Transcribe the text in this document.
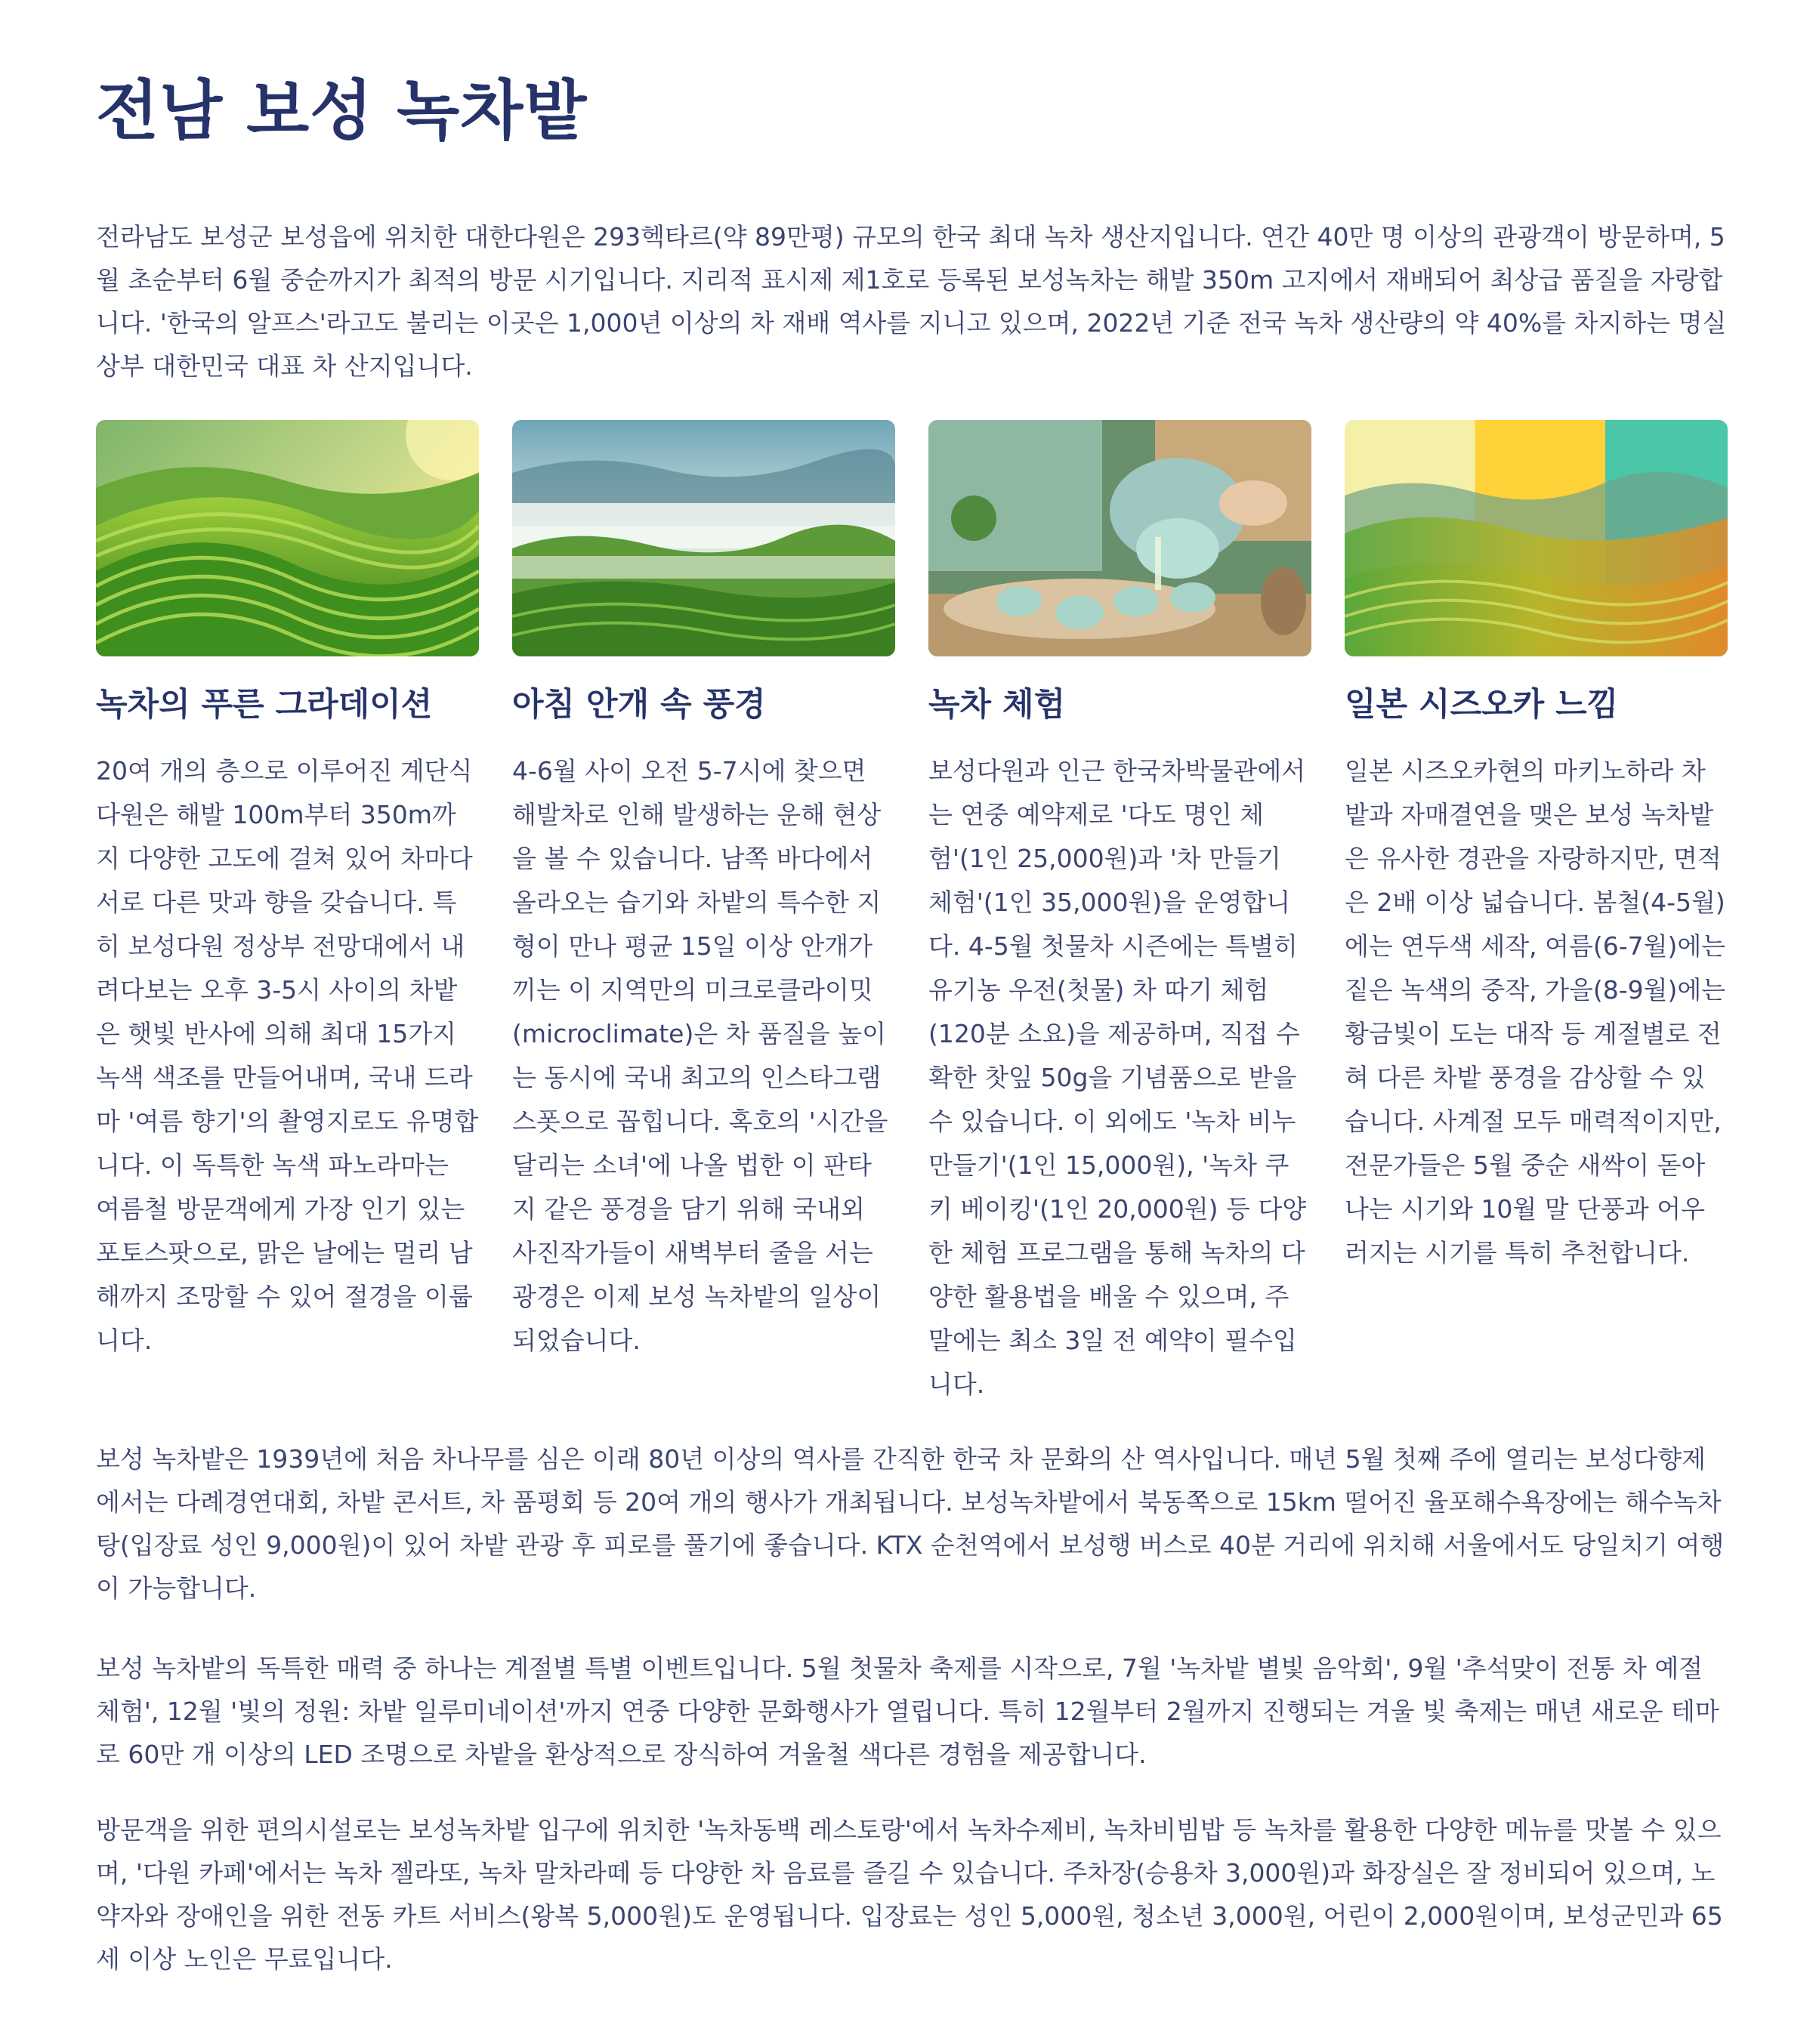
전남 보성 녹차밭

전라남도 보성군 보성읍에 위치한 대한다원은 293헥타르(약 89만평) 규모의 한국 최대 녹차 생산지입니다. 연간 40만 명 이상의 관광객이 방문하며, 5월 초순부터 6월 중순까지가 최적의 방문 시기입니다. 지리적 표시제 제1호로 등록된 보성녹차는 해발 350m 고지에서 재배되어 최상급 품질을 자랑합니다. '한국의 알프스'라고도 불리는 이곳은 1,000년 이상의 차 재배 역사를 지니고 있으며, 2022년 기준 전국 녹차 생산량의 약 40%를 차지하는 명실상부 대한민국 대표 차 산지입니다.

녹차의 푸른 그라데이션

20여 개의 층으로 이루어진 계단식 다원은 해발 100m부터 350m까지 다양한 고도에 걸쳐 있어 차마다 서로 다른 맛과 향을 갖습니다. 특히 보성다원 정상부 전망대에서 내려다보는 오후 3-5시 사이의 차밭은 햇빛 반사에 의해 최대 15가지 녹색 색조를 만들어내며, 국내 드라마 '여름 향기'의 촬영지로도 유명합니다. 이 독특한 녹색 파노라마는 여름철 방문객에게 가장 인기 있는 포토스팟으로, 맑은 날에는 멀리 남해까지 조망할 수 있어 절경을 이룹니다.

아침 안개 속 풍경

4-6월 사이 오전 5-7시에 찾으면 해발차로 인해 발생하는 운해 현상을 볼 수 있습니다. 남쪽 바다에서 올라오는 습기와 차밭의 특수한 지형이 만나 평균 15일 이상 안개가 끼는 이 지역만의 미크로클라이밋(microclimate)은 차 품질을 높이는 동시에 국내 최고의 인스타그램 스폿으로 꼽힙니다. 혹호의 '시간을 달리는 소녀'에 나올 법한 이 판타지 같은 풍경을 담기 위해 국내외 사진작가들이 새벽부터 줄을 서는 광경은 이제 보성 녹차밭의 일상이 되었습니다.

녹차 체험

보성다원과 인근 한국차박물관에서는 연중 예약제로 '다도 명인 체험'(1인 25,000원)과 '차 만들기 체험'(1인 35,000원)을 운영합니다. 4-5월 첫물차 시즌에는 특별히 유기농 우전(첫물) 차 따기 체험(120분 소요)을 제공하며, 직접 수확한 찻잎 50g을 기념품으로 받을 수 있습니다. 이 외에도 '녹차 비누 만들기'(1인 15,000원), '녹차 쿠키 베이킹'(1인 20,000원) 등 다양한 체험 프로그램을 통해 녹차의 다양한 활용법을 배울 수 있으며, 주말에는 최소 3일 전 예약이 필수입니다.

일본 시즈오카 느낌

일본 시즈오카현의 마키노하라 차밭과 자매결연을 맺은 보성 녹차밭은 유사한 경관을 자랑하지만, 면적은 2배 이상 넓습니다. 봄철(4-5월)에는 연두색 세작, 여름(6-7월)에는 짙은 녹색의 중작, 가을(8-9월)에는 황금빛이 도는 대작 등 계절별로 전혀 다른 차밭 풍경을 감상할 수 있습니다. 사계절 모두 매력적이지만, 전문가들은 5월 중순 새싹이 돋아나는 시기와 10월 말 단풍과 어우러지는 시기를 특히 추천합니다.

보성 녹차밭은 1939년에 처음 차나무를 심은 이래 80년 이상의 역사를 간직한 한국 차 문화의 산 역사입니다. 매년 5월 첫째 주에 열리는 보성다향제에서는 다례경연대회, 차밭 콘서트, 차 품평회 등 20여 개의 행사가 개최됩니다. 보성녹차밭에서 북동쪽으로 15km 떨어진 율포해수욕장에는 해수녹차탕(입장료 성인 9,000원)이 있어 차밭 관광 후 피로를 풀기에 좋습니다. KTX 순천역에서 보성행 버스로 40분 거리에 위치해 서울에서도 당일치기 여행이 가능합니다.

보성 녹차밭의 독특한 매력 중 하나는 계절별 특별 이벤트입니다. 5월 첫물차 축제를 시작으로, 7월 '녹차밭 별빛 음악회', 9월 '추석맞이 전통 차 예절 체험', 12월 '빛의 정원: 차밭 일루미네이션'까지 연중 다양한 문화행사가 열립니다. 특히 12월부터 2월까지 진행되는 겨울 빛 축제는 매년 새로운 테마로 60만 개 이상의 LED 조명으로 차밭을 환상적으로 장식하여 겨울철 색다른 경험을 제공합니다.

방문객을 위한 편의시설로는 보성녹차밭 입구에 위치한 '녹차동백 레스토랑'에서 녹차수제비, 녹차비빔밥 등 녹차를 활용한 다양한 메뉴를 맛볼 수 있으며, '다원 카페'에서는 녹차 젤라또, 녹차 말차라떼 등 다양한 차 음료를 즐길 수 있습니다. 주차장(승용차 3,000원)과 화장실은 잘 정비되어 있으며, 노약자와 장애인을 위한 전동 카트 서비스(왕복 5,000원)도 운영됩니다. 입장료는 성인 5,000원, 청소년 3,000원, 어린이 2,000원이며, 보성군민과 65세 이상 노인은 무료입니다.
